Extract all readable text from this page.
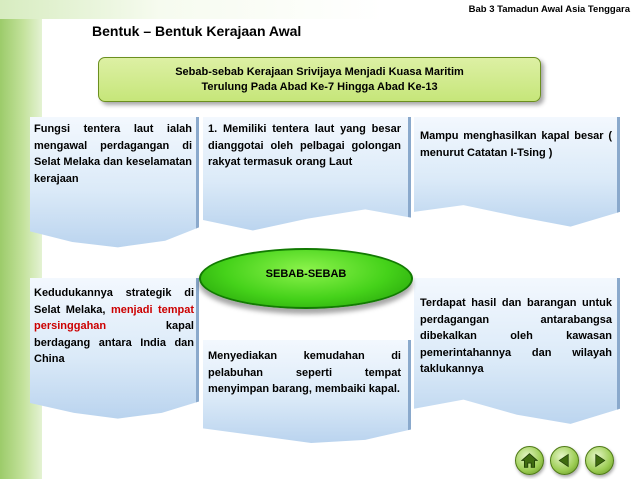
Bab 3 Tamadun Awal Asia Tenggara
Bentuk – Bentuk Kerajaan Awal
Sebab-sebab Kerajaan Srivijaya Menjadi Kuasa Maritim
Terulung Pada Abad Ke-7 Hingga Abad Ke-13
Fungsi tentera laut ialah mengawal perdagangan di Selat Melaka dan keselamatan kerajaan
1. Memiliki tentera laut yang besar dianggotai oleh pelbagai golongan rakyat termasuk orang Laut
Mampu menghasilkan kapal besar ( menurut Catatan I-Tsing )
Kedudukannya strategik di Selat Melaka, menjadi tempat persinggahan	kapal berdagang antara India dan China	Menyediakan kemudahan di pelabuhan seperti tempat menyimpan barang, membaiki kapal.
Terdapat hasil dan barangan untuk perdagangan antarabangsa dibekalkan oleh kawasan pemerintahannya dan wilayah taklukannya
SEBAB-SEBAB
